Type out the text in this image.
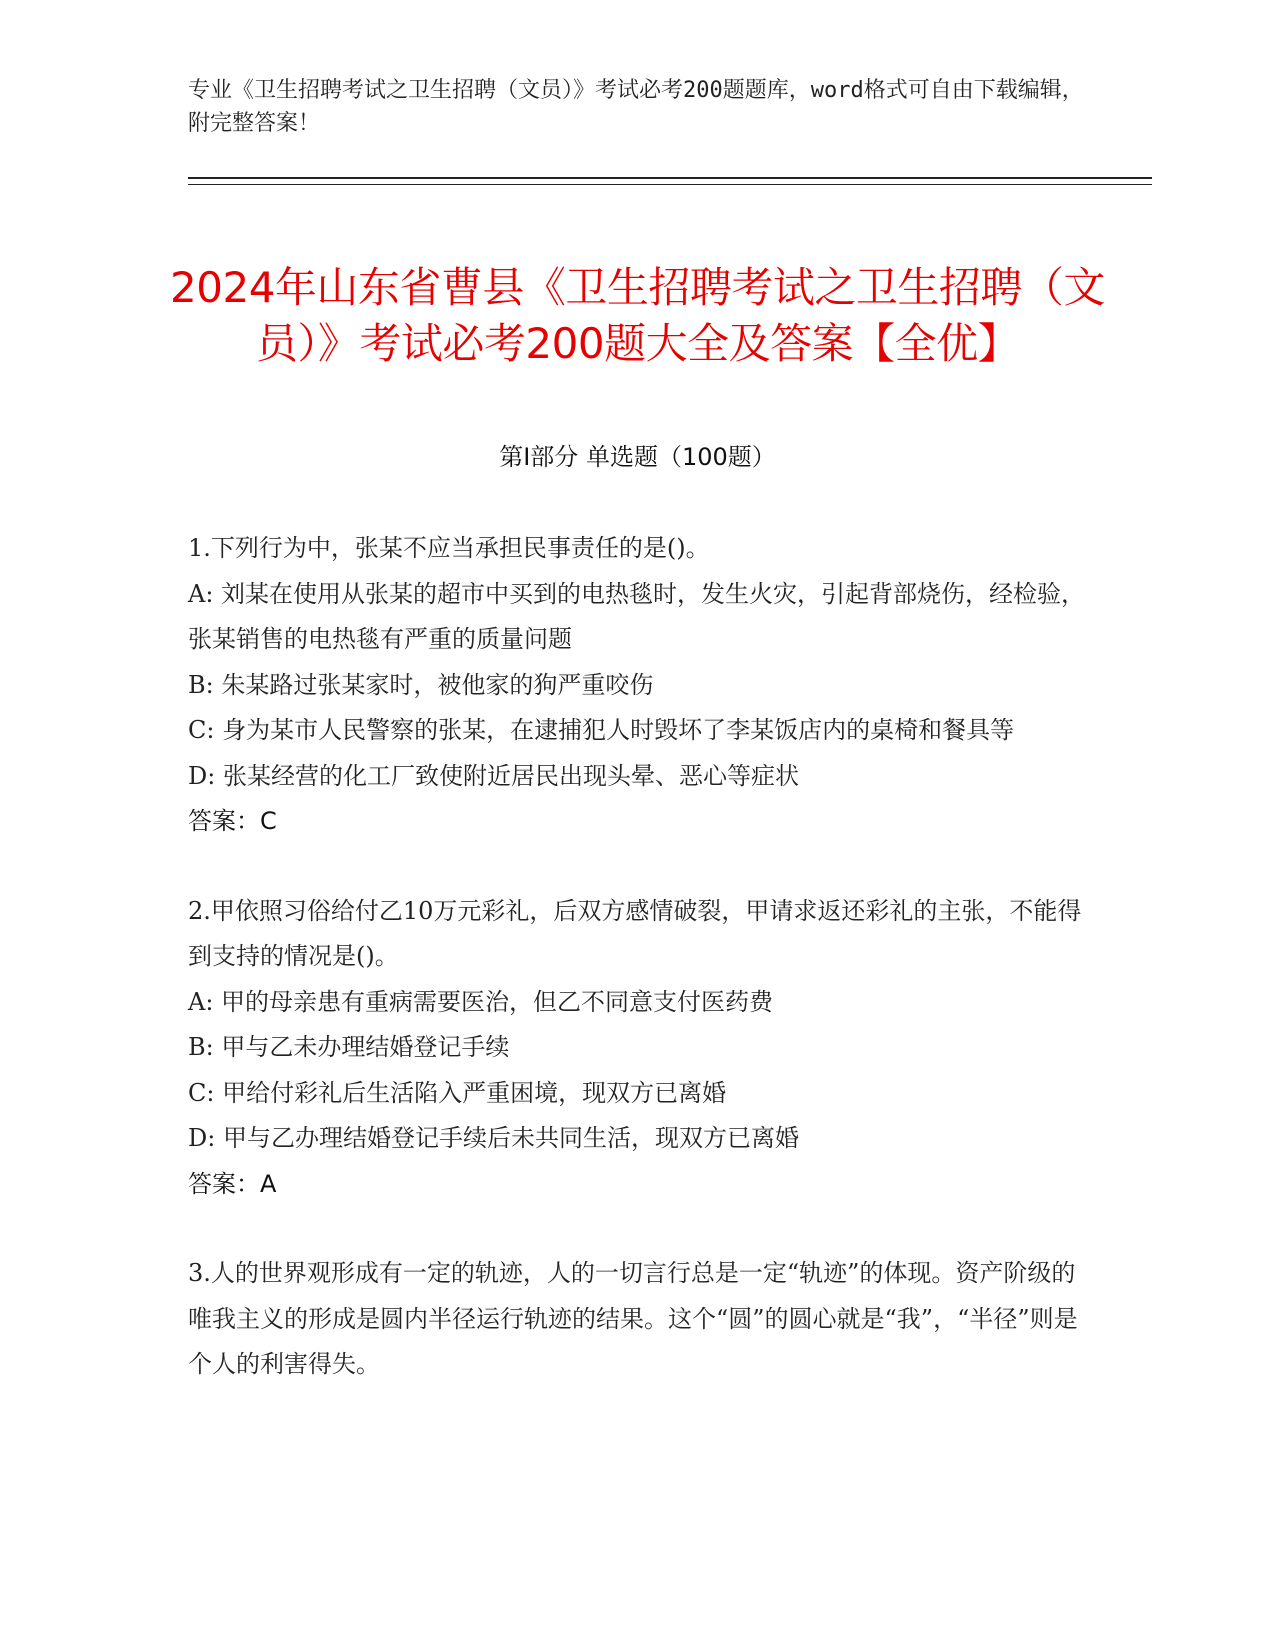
专业《卫生招聘考试之卫生招聘（文员）》考试必考200题题库，word格式可自由下载编辑，附完整答案！
2024年山东省曹县《卫生招聘考试之卫生招聘（文员）》考试必考200题大全及答案【全优】
第I部分 单选题（100题）

1.下列行为中，张某不应当承担民事责任的是()。

A: 刘某在使用从张某的超市中买到的电热毯时，发生火灾，引起背部烧伤，经检验，张某销售的电热毯有严重的质量问题

B: 朱某路过张某家时，被他家的狗严重咬伤

C: 身为某市人民警察的张某，在逮捕犯人时毁坏了李某饭店内的桌椅和餐具等

D: 张某经营的化工厂致使附近居民出现头晕、恶心等症状

答案：C

2.甲依照习俗给付乙10万元彩礼，后双方感情破裂，甲请求返还彩礼的主张，不能得到支持的情况是()。

A: 甲的母亲患有重病需要医治，但乙不同意支付医药费

B: 甲与乙未办理结婚登记手续

C: 甲给付彩礼后生活陷入严重困境，现双方已离婚

D: 甲与乙办理结婚登记手续后未共同生活，现双方已离婚

答案：A

3.人的世界观形成有一定的轨迹，人的一切言行总是一定“轨迹”的体现。资产阶级的唯我主义的形成是圆内半径运行轨迹的结果。这个“圆”的圆心就是“我”，“半径”则是个人的利害得失。
